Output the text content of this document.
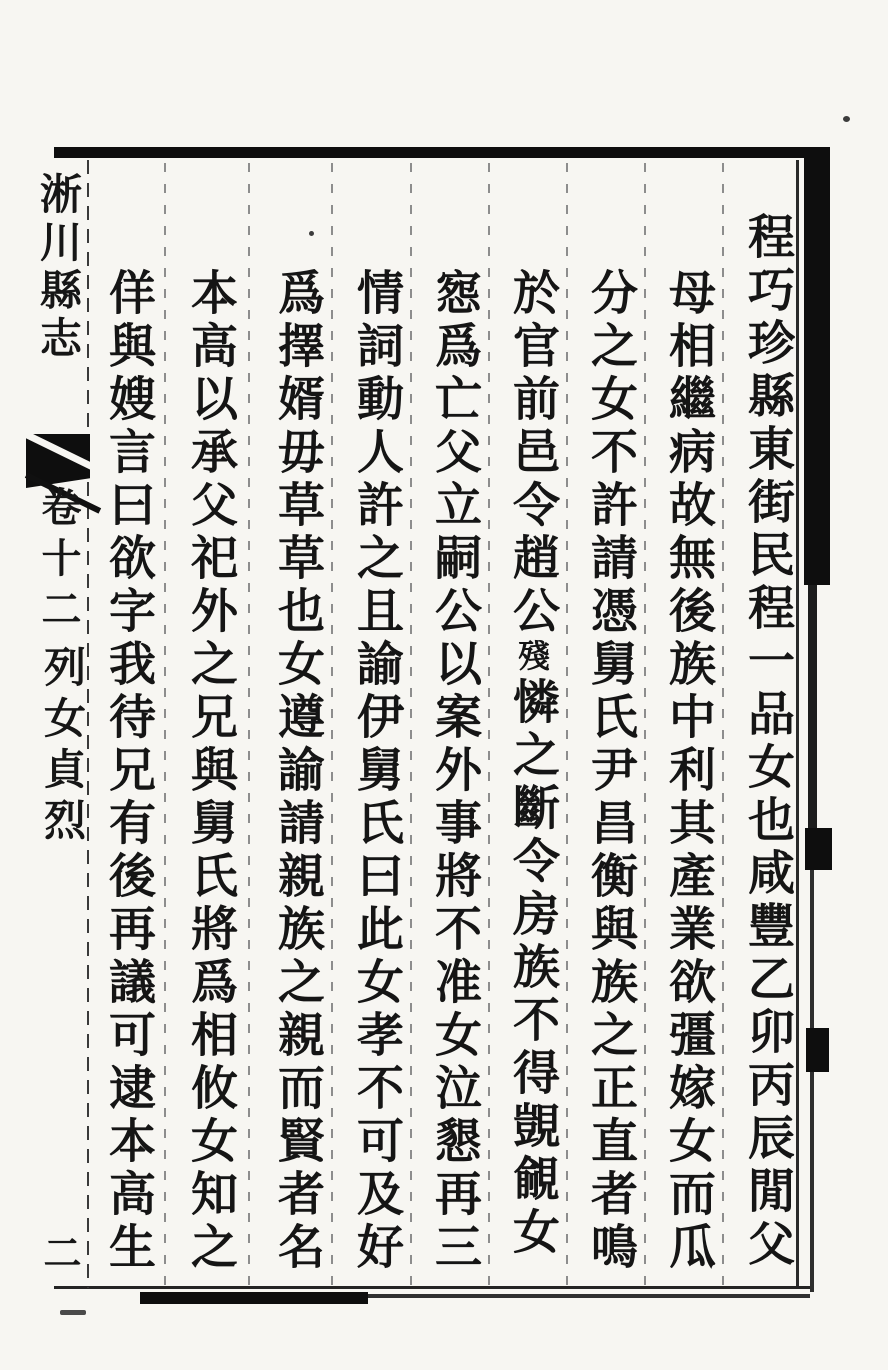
淅川縣志
卷十二
列女貞烈
二	程巧珍縣東街民程一品女也咸豐乙卯丙辰閒父
母相繼病故無後族中利其產業欲彊嫁女而瓜
分之女不許請憑舅氏尹昌衡與族之正直者鳴
於官前邑令趙公殘憐之斷令房族不得覬覦女
惌爲亡父立嗣公以案外事將不准女泣懇再三
情詞動人許之且諭伊舅氏曰此女孝不可及好
爲擇婿毋草草也女遵諭請親族之親而賢者名
本高以承父祀外之兄與舅氏將爲相攸女知之
佯與嫂言曰欲字我待兄有後再議可逮本高生
